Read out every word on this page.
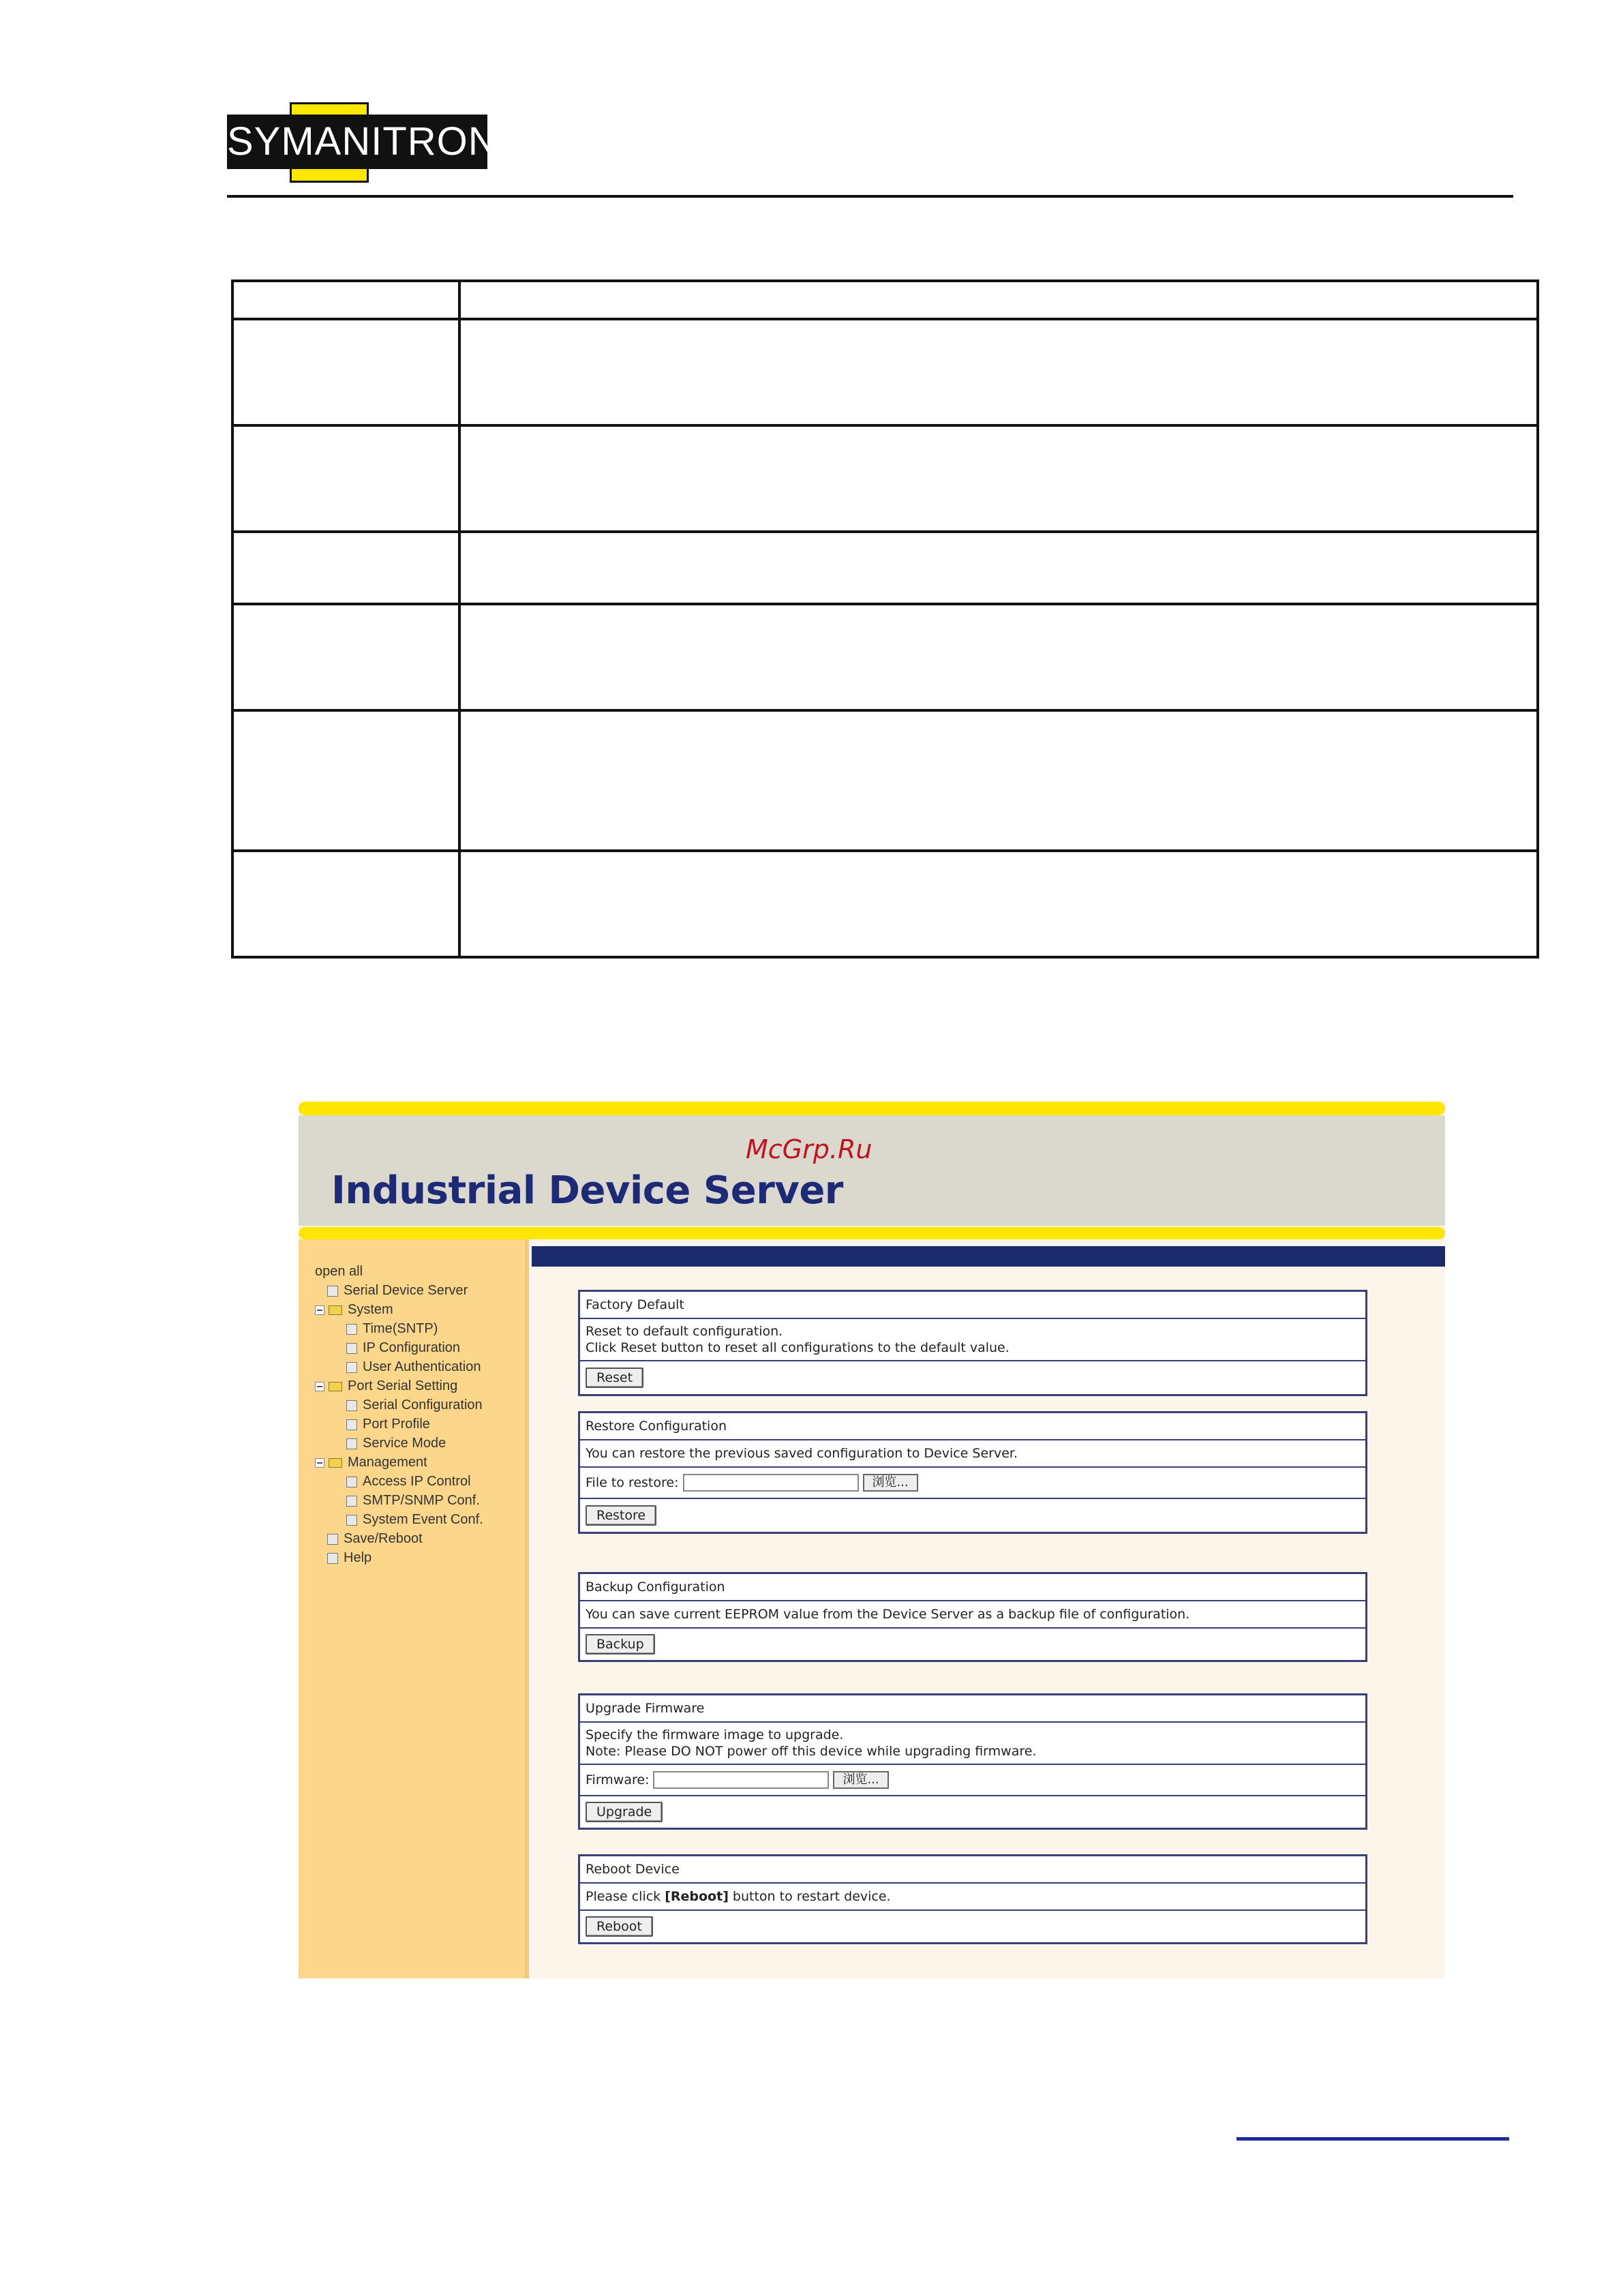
SYMANITRON

Industrial Device Server
open all
Serial Device Server
System
Time(SNTP)
IP Configuration
User Authentication
Port Serial Setting
Serial Configuration
Port Profile
Service Mode
Management
Access IP Control
SMTP/SNMP Conf.
System Event Conf.
Save/Reboot
Help
Factory Default
Reset to default configuration.
Click Reset button to reset all configurations to the default value.
Reset
Restore Configuration
You can restore the previous saved configuration to Device Server.
File to restore:	浏览...
Restore
Backup Configuration
You can save current EEPROM value from the Device Server as a backup file of configuration.
Backup
Upgrade Firmware
Specify the firmware image to upgrade.
Note: Please DO NOT power off this device while upgrading firmware.
Firmware:	浏览...
Upgrade
Reboot Device
Please click [Reboot] button to restart device.
Reboot
McGrp.Ru
